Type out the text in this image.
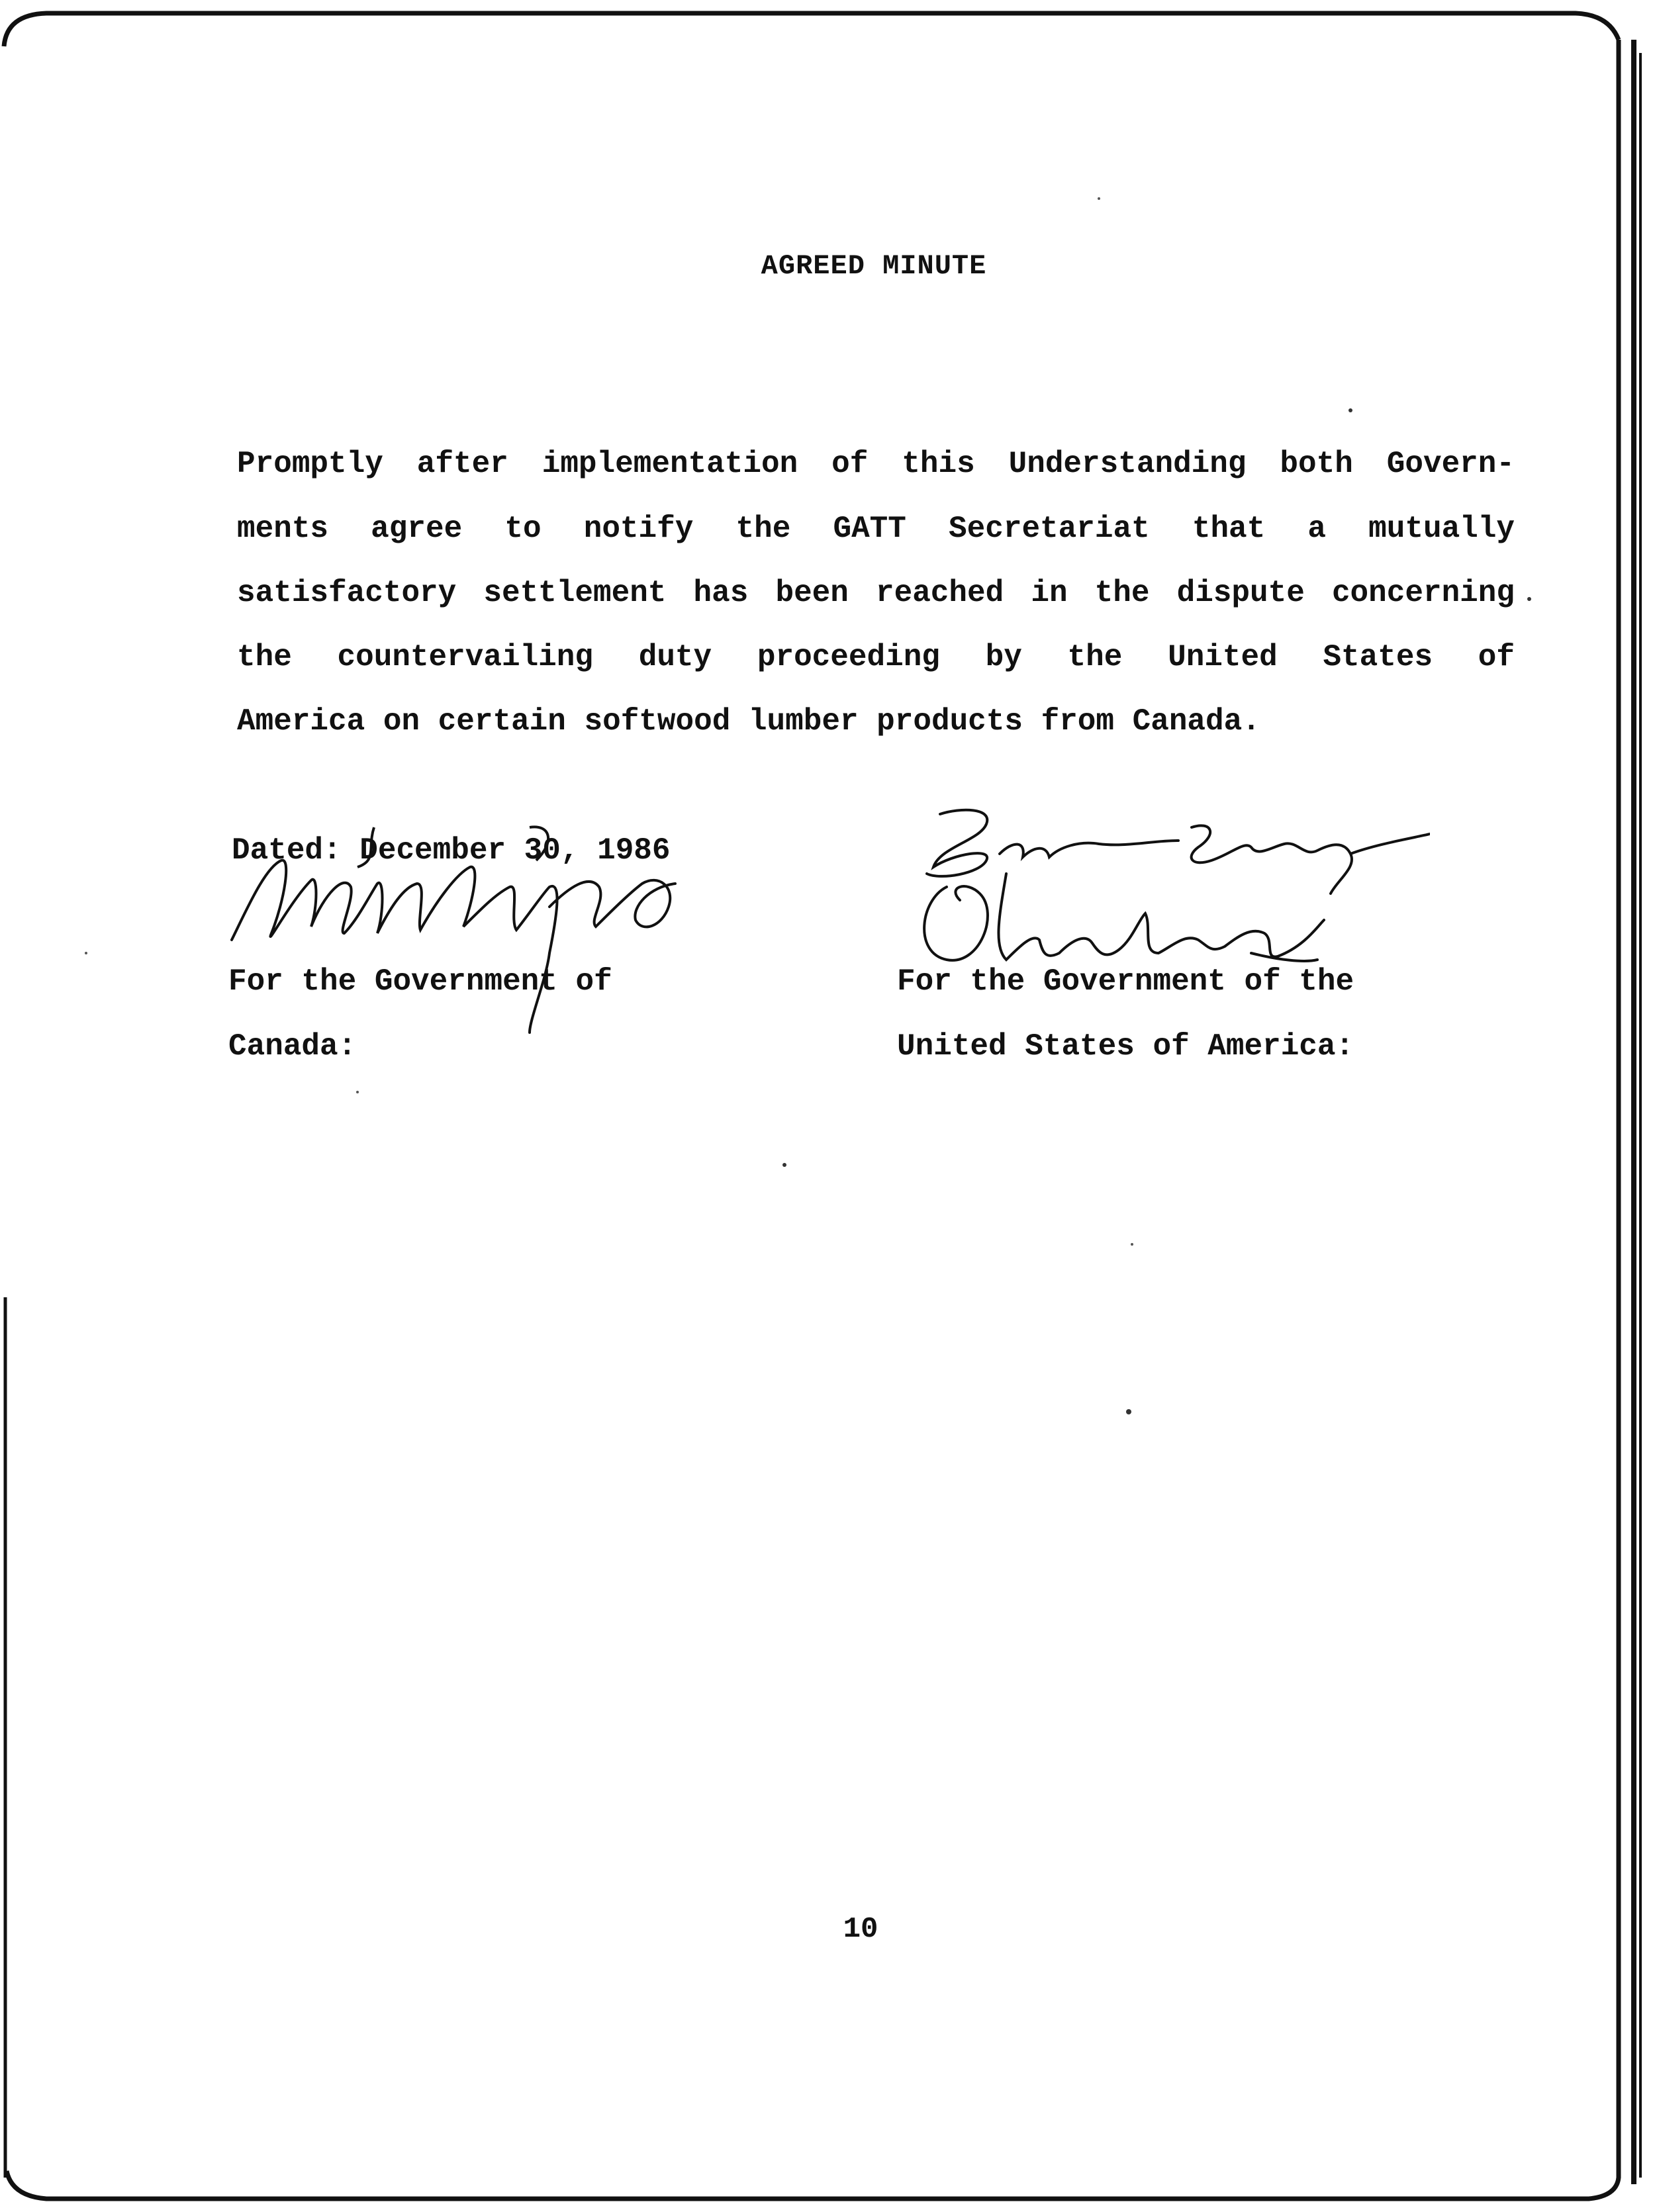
AGREED MINUTE
Promptly after implementation of this Understanding both Govern-
ments agree to notify the GATT Secretariat that a mutually
satisfactory settlement has been reached in the dispute concerning
the countervailing duty proceeding by the United States of
America on certain softwood lumber products from Canada.
Dated: December 30, 1986
For the Government of
Canada:
For the Government of the
United States of America:
10
